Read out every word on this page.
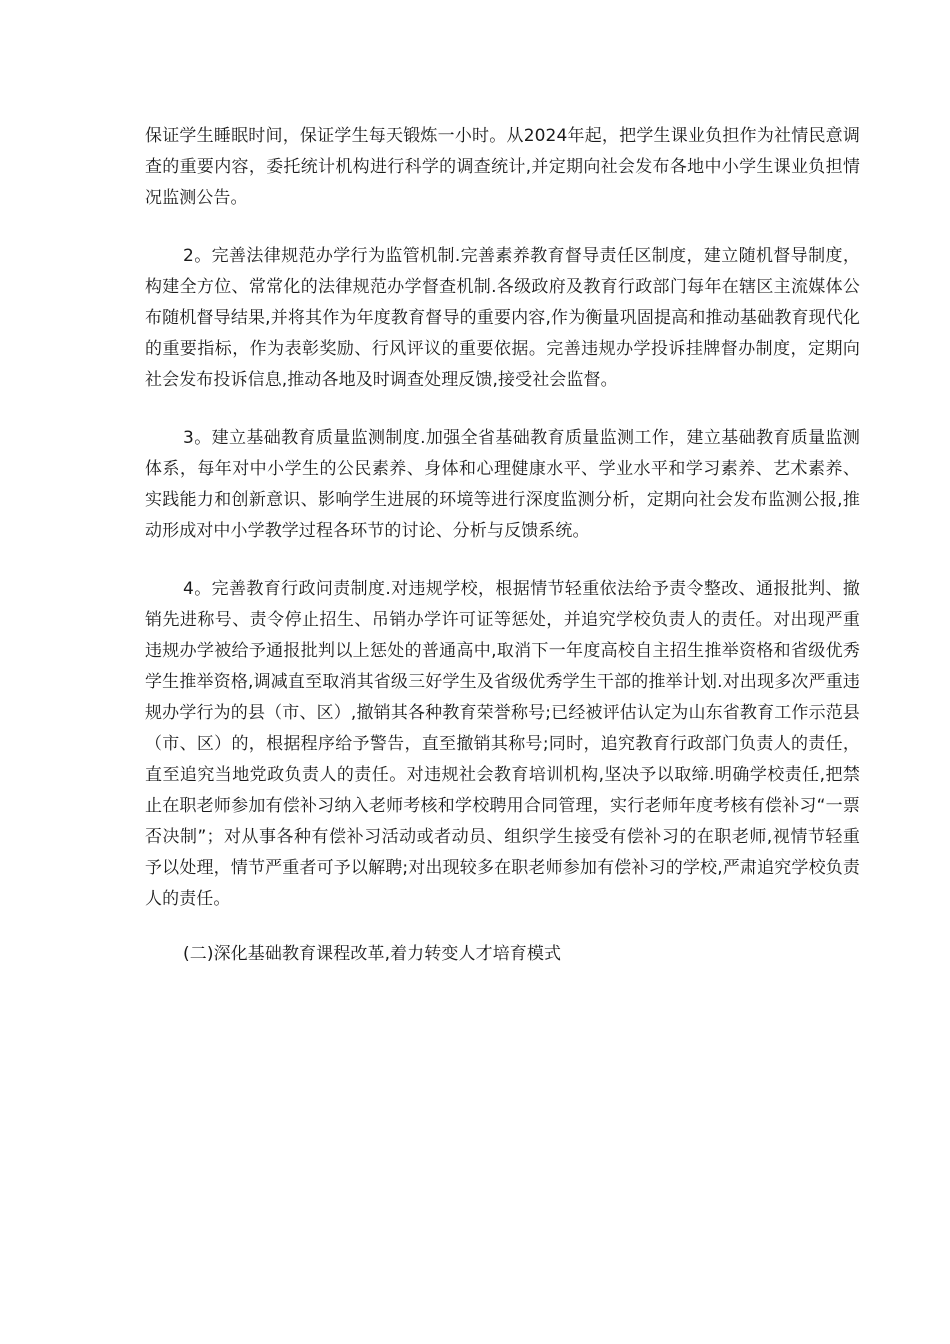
保证学生睡眠时间，保证学生每天锻炼一小时。从2024年起，把学生课业负担作为社情民意调查的重要内容，委托统计机构进行科学的调查统计,并定期向社会发布各地中小学生课业负担情况监测公告。

2。完善法律规范办学行为监管机制.完善素养教育督导责任区制度，建立随机督导制度，构建全方位、常常化的法律规范办学督查机制.各级政府及教育行政部门每年在辖区主流媒体公布随机督导结果,并将其作为年度教育督导的重要内容,作为衡量巩固提高和推动基础教育现代化的重要指标，作为表彰奖励、行风评议的重要依据。完善违规办学投诉挂牌督办制度，定期向社会发布投诉信息,推动各地及时调查处理反馈,接受社会监督。

3。建立基础教育质量监测制度.加强全省基础教育质量监测工作，建立基础教育质量监测体系，每年对中小学生的公民素养、身体和心理健康水平、学业水平和学习素养、艺术素养、实践能力和创新意识、影响学生进展的环境等进行深度监测分析，定期向社会发布监测公报,推动形成对中小学教学过程各环节的讨论、分析与反馈系统。

4。完善教育行政问责制度.对违规学校，根据情节轻重依法给予责令整改、通报批判、撤销先进称号、责令停止招生、吊销办学许可证等惩处，并追究学校负责人的责任。对出现严重违规办学被给予通报批判以上惩处的普通高中,取消下一年度高校自主招生推举资格和省级优秀学生推举资格,调减直至取消其省级三好学生及省级优秀学生干部的推举计划.对出现多次严重违规办学行为的县（市、区）,撤销其各种教育荣誉称号;已经被评估认定为山东省教育工作示范县（市、区）的，根据程序给予警告，直至撤销其称号;同时，追究教育行政部门负责人的责任，直至追究当地党政负责人的责任。对违规社会教育培训机构,坚决予以取缔.明确学校责任,把禁止在职老师参加有偿补习纳入老师考核和学校聘用合同管理，实行老师年度考核有偿补习“一票否决制”；对从事各种有偿补习活动或者动员、组织学生接受有偿补习的在职老师,视情节轻重予以处理，情节严重者可予以解聘;对出现较多在职老师参加有偿补习的学校,严肃追究学校负责人的责任。

(二)深化基础教育课程改革,着力转变人才培育模式
